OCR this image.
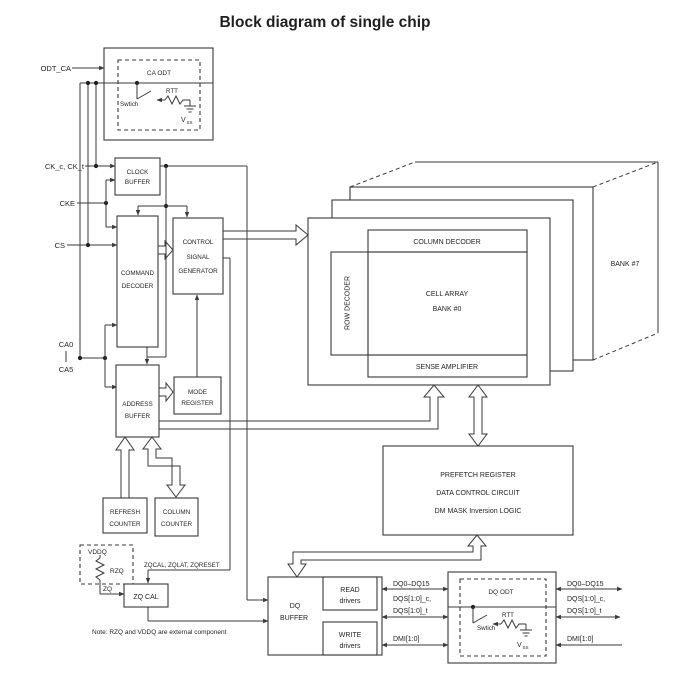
Block diagram of single chip
BANK #7
COLUMN DECODER
ROW DECODER	CELL ARRAY
BANK #0
SENSE AMPLIFIER
CA ODT
RTT
Swtich
V SS
ODT_CA
CK_c, CK_t
CKE
CS
CA0
CA5
CLOCK
BUFFER
COMMAND
DECODER
CONTROL
SIGNAL
GENERATOR
MODE
REGISTER
ADDRESS
BUFFER
REFRESH
COUNTER
COLUMN
COUNTER
PREFETCH REGISTER
DATA CONTROL CIRCUIT
DM MASK Inversion LOGIC
VDDQ
RZQ
ZQ
ZQ CAL
ZQCAL, ZQLAT, ZQRESET
Note: RZQ and VDDQ are external component
DQ
BUFFER
READ
drivers
WRITE
drivers
DQ ODT
RTT
Swtich
V SS
DQ0–DQ15
DQS[1:0]_c,
DQS[1:0]_t
DMI[1:0]
DQ0–DQ15
DQS[1:0]_c,
DQS[1:0]_t
DMI[1:0]
